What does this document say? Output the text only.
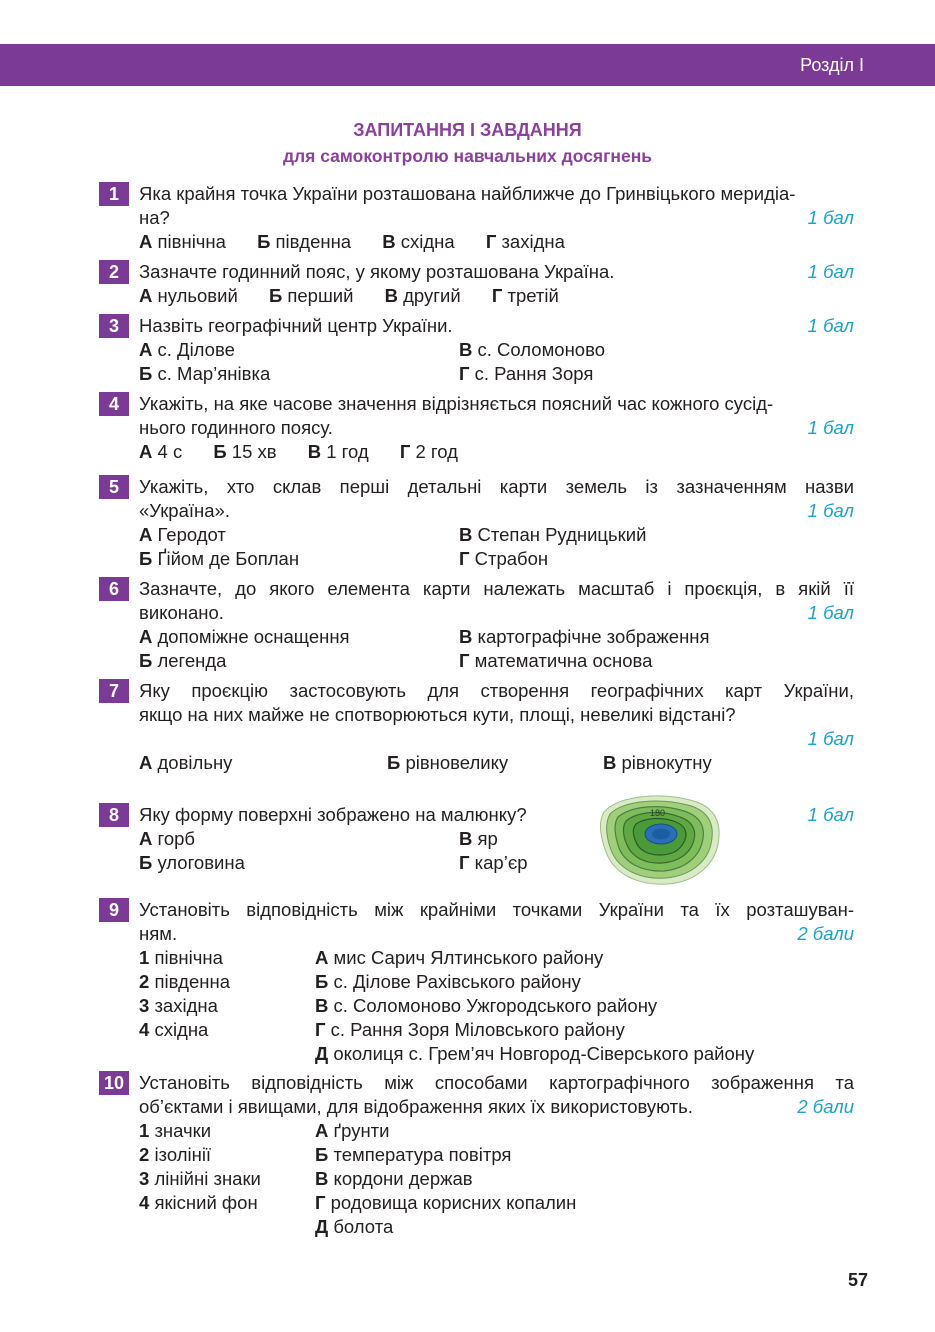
Розділ I
ЗАПИТАННЯ І ЗАВДАННЯ
для самоконтролю навчальних досягнень
1	Яка крайня точка України розташована найближче до Гринвіцького меридіа-
на?	1 бал
А північна Б південна В східна Г західна
2	Зазначте годинний пояс, у якому розташована Україна.	1 бал
А нульовий Б перший В другий Г третій
3	Назвіть географічний центр України.	1 бал
А с. Ділове	В с. Соломоново
Б с. Мар’янівка	Г с. Рання Зоря
4	Укажіть, на яке часове значення відрізняється поясний час кожного сусід-
нього годинного поясу.	1 бал
А 4 с Б 15 хв В 1 год Г 2 год
5	Укажіть, хто склав перші детальні карти земель із зазначенням назви
«Україна».	1 бал
А Геродот	В Степан Рудницький
Б Ґійом де Боплан	Г Страбон
6	Зазначте, до якого елемента карти належать масштаб і проєкція, в якій її
виконано.	1 бал
А допоміжне оснащення	В картографічне зображення
Б легенда	Г математична основа
7	Яку проєкцію застосовують для створення географічних карт України,
якщо на них майже не спотворюються кути, площі, невеликі відстані?
1 бал
А довільну	Б рівновелику	В рівнокутну
8	Яку форму поверхні зображено на малюнку?	1 бал
А горб	В яр
Б улоговина	Г кар’єр
180
9	Установіть відповідність між крайніми точками України та їх розташуван-
ням.	2 бали
1 північна	А мис Сарич Ялтинського району
2 південна	Б с. Ділове Рахівського району
3 західна	В с. Соломоново Ужгородського району
4 східна	Г с. Рання Зоря Міловського району
Д околиця с. Грем’яч Новгород-Сіверського району
10 Установіть відповідність між способами картографічного зображення та
об’єктами і явищами, для відображення яких їх використовують.	2 бали
1 значки	А ґрунти
2 ізолінії	Б температура повітря
3 лінійні знаки	В кордони держав
4 якісний фон	Г родовища корисних копалин
Д болота
57
